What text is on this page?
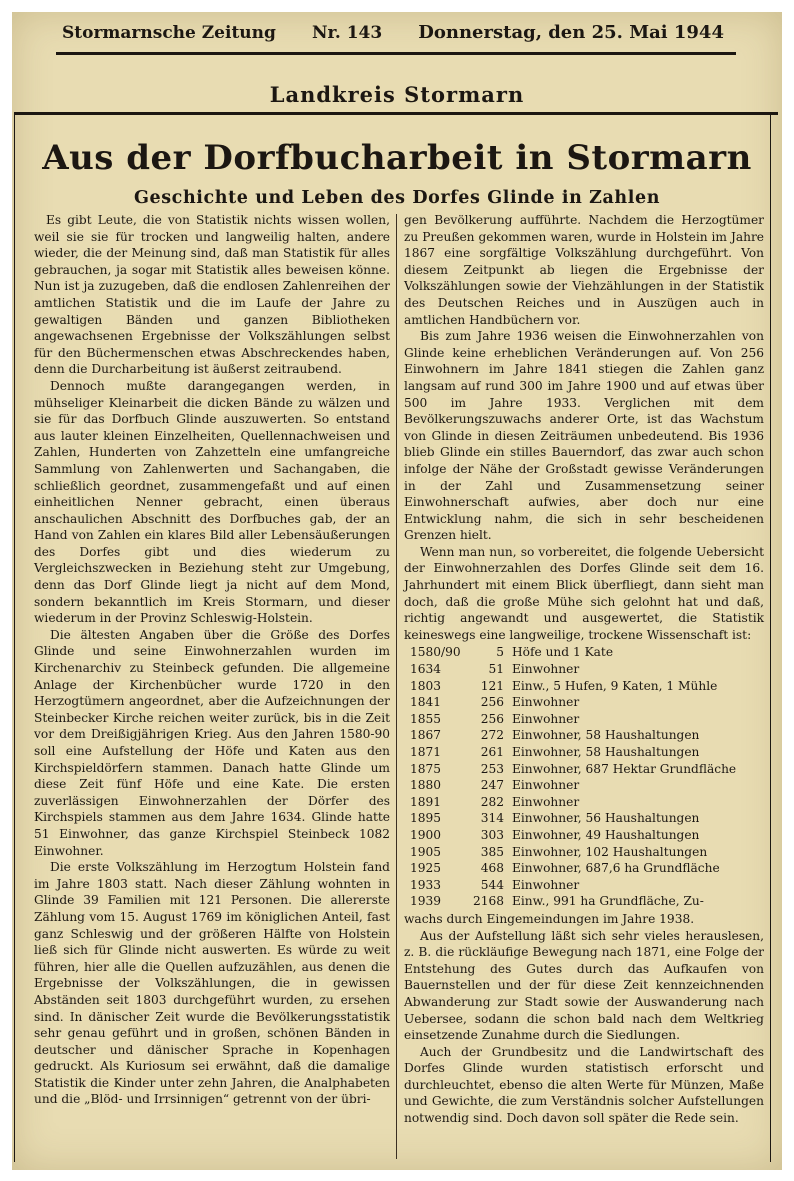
Stormarnsche Zeitung Nr. 143 Donnerstag, den 25. Mai 1944
Landkreis Stormarn
Aus der Dorfbucharbeit in Stormarn
Geschichte und Leben des Dorfes Glinde in Zahlen

Es gibt Leute, die von Statistik nichts wissen wollen, weil sie sie für trocken und langweilig halten, andere wieder, die der Meinung sind, daß man Statistik für alles gebrauchen, ja sogar mit Statistik alles beweisen könne. Nun ist ja zuzugeben, daß die endlosen Zahlenreihen der amtlichen Statistik und die im Laufe der Jahre zu gewaltigen Bänden und ganzen Bibliotheken angewachsenen Ergebnisse der Volkszählungen selbst für den Büchermenschen etwas Abschreckendes haben, denn die Durcharbeitung ist äußerst zeitraubend.

Dennoch mußte darangegangen werden, in mühseliger Kleinarbeit die dicken Bände zu wälzen und sie für das Dorfbuch Glinde auszuwerten. So entstand aus lauter kleinen Einzelheiten, Quellennachweisen und Zahlen, Hunderten von Zahzetteln eine umfangreiche Sammlung von Zahlenwerten und Sachangaben, die schließlich geordnet, zusammengefaßt und auf einen einheitlichen Nenner gebracht, einen überaus anschaulichen Abschnitt des Dorfbuches gab, der an Hand von Zahlen ein klares Bild aller Lebensäußerungen des Dorfes gibt und dies wiederum zu Vergleichszwecken in Beziehung steht zur Umgebung, denn das Dorf Glinde liegt ja nicht auf dem Mond, sondern bekanntlich im Kreis Stormarn, und dieser wiederum in der Provinz Schleswig-Holstein.

Die ältesten Angaben über die Größe des Dorfes Glinde und seine Einwohnerzahlen wurden im Kirchenarchiv zu Steinbeck gefunden. Die allgemeine Anlage der Kirchenbücher wurde 1720 in den Herzogtümern angeordnet, aber die Aufzeichnungen der Steinbecker Kirche reichen weiter zurück, bis in die Zeit vor dem Dreißigjährigen Krieg. Aus den Jahren 1580-90 soll eine Aufstellung der Höfe und Katen aus den Kirchspieldörfern stammen. Danach hatte Glinde um diese Zeit fünf Höfe und eine Kate. Die ersten zuverlässigen Einwohnerzahlen der Dörfer des Kirchspiels stammen aus dem Jahre 1634. Glinde hatte 51 Einwohner, das ganze Kirchspiel Steinbeck 1082 Einwohner.

Die erste Volkszählung im Herzogtum Holstein fand im Jahre 1803 statt. Nach dieser Zählung wohnten in Glinde 39 Familien mit 121 Personen. Die allererste Zählung vom 15. August 1769 im königlichen Anteil, fast ganz Schleswig und der größeren Hälfte von Holstein ließ sich für Glinde nicht auswerten. Es würde zu weit führen, hier alle die Quellen aufzuzählen, aus denen die Ergebnisse der Volkszählungen, die in gewissen Abständen seit 1803 durchgeführt wurden, zu ersehen sind. In dänischer Zeit wurde die Bevölkerungsstatistik sehr genau geführt und in großen, schönen Bänden in deutscher und dänischer Sprache in Kopenhagen gedruckt. Als Kuriosum sei erwähnt, daß die damalige Statistik die Kinder unter zehn Jahren, die Analphabeten und die „Blöd- und Irrsinnigen“ getrennt von der übri-

gen Bevölkerung aufführte. Nachdem die Herzogtümer zu Preußen gekommen waren, wurde in Holstein im Jahre 1867 eine sorgfältige Volkszählung durchgeführt. Von diesem Zeitpunkt ab liegen die Ergebnisse der Volkszählungen sowie der Viehzählungen in der Statistik des Deutschen Reiches und in Auszügen auch in amtlichen Handbüchern vor.

Bis zum Jahre 1936 weisen die Einwohnerzahlen von Glinde keine erheblichen Veränderungen auf. Von 256 Einwohnern im Jahre 1841 stiegen die Zahlen ganz langsam auf rund 300 im Jahre 1900 und auf etwas über 500 im Jahre 1933. Verglichen mit dem Bevölkerungszuwachs anderer Orte, ist das Wachstum von Glinde in diesen Zeiträumen unbedeutend. Bis 1936 blieb Glinde ein stilles Bauerndorf, das zwar auch schon infolge der Nähe der Großstadt gewisse Veränderungen in der Zahl und Zusammensetzung seiner Einwohnerschaft aufwies, aber doch nur eine Entwicklung nahm, die sich in sehr bescheidenen Grenzen hielt.

Wenn man nun, so vorbereitet, die folgende Uebersicht der Einwohnerzahlen des Dorfes Glinde seit dem 16. Jahrhundert mit einem Blick überfliegt, dann sieht man doch, daß die große Mühe sich gelohnt hat und daß, richtig angewandt und ausgewertet, die Statistik keineswegs eine langweilige, trockene Wissenschaft ist:

1580/90	5	Höfe und 1 Kate
1634	51	Einwohner
1803	121	Einw., 5 Hufen, 9 Katen, 1 Mühle
1841	256	Einwohner
1855	256	Einwohner
1867	272	Einwohner, 58 Haushaltungen
1871	261	Einwohner, 58 Haushaltungen
1875	253	Einwohner, 687 Hektar Grundfläche
1880	247	Einwohner
1891	282	Einwohner
1895	314	Einwohner, 56 Haushaltungen
1900	303	Einwohner, 49 Haushaltungen
1905	385	Einwohner, 102 Haushaltungen
1925	468	Einwohner, 687,6 ha Grundfläche
1933	544	Einwohner
1939	2168	Einw., 991 ha Grundfläche, Zu-

wachs durch Eingemeindungen im Jahre 1938.

Aus der Aufstellung läßt sich sehr vieles herauslesen, z. B. die rückläufige Bewegung nach 1871, eine Folge der Entstehung des Gutes durch das Aufkaufen von Bauernstellen und der für diese Zeit kennzeichnenden Abwanderung zur Stadt sowie der Auswanderung nach Uebersee, sodann die schon bald nach dem Weltkrieg einsetzende Zunahme durch die Siedlungen.

Auch der Grundbesitz und die Landwirtschaft des Dorfes Glinde wurden statistisch erforscht und durchleuchtet, ebenso die alten Werte für Münzen, Maße und Gewichte, die zum Verständnis solcher Aufstellungen notwendig sind. Doch davon soll später die Rede sein.
